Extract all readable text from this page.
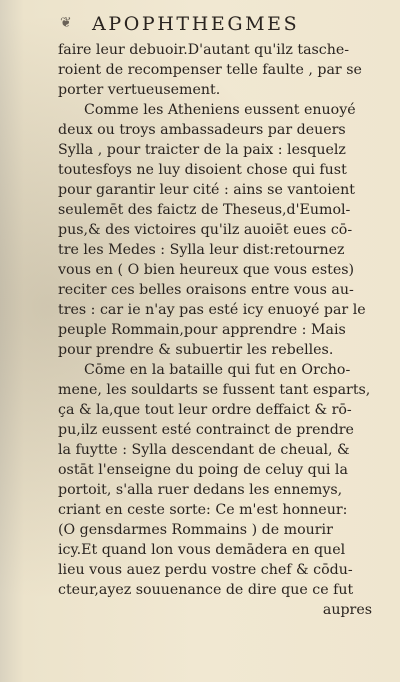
❦ APOPHTHEGMES
faire leur debuoir.D'autant qu'ilz tasche-
roient de recompenser telle faulte , par se
porter vertueusement.
Comme les Atheniens eussent enuoyé
deux ou troys ambassadeurs par deuers
Sylla , pour traicter de la paix : lesquelz
toutesfoys ne luy disoient chose qui fust
pour garantir leur cité : ains se vantoient
seulemēt des faictz de Theseus,d'Eumol-
pus,& des victoires qu'ilz auoiēt eues cō-
tre les Medes : Sylla leur dist:retournez
vous en ( O bien heureux que vous estes)
reciter ces belles oraisons entre vous au-
tres : car ie n'ay pas esté icy enuoyé par le
peuple Rommain,pour apprendre : Mais
pour prendre & subuertir les rebelles.
Cōme en la bataille qui fut en Orcho-
mene, les souldarts se fussent tant esparts,
ça & la,que tout leur ordre deffaict & rō-
pu,ilz eussent esté contrainct de prendre
la fuytte : Sylla descendant de cheual, &
ostāt l'enseigne du poing de celuy qui la
portoit, s'alla ruer dedans les ennemys,
criant en ceste sorte: Ce m'est honneur:
(O gensdarmes Rommains ) de mourir
icy.Et quand lon vous demādera en quel
lieu vous auez perdu vostre chef & cōdu-
cteur,ayez souuenance de dire que ce fut
aupres
